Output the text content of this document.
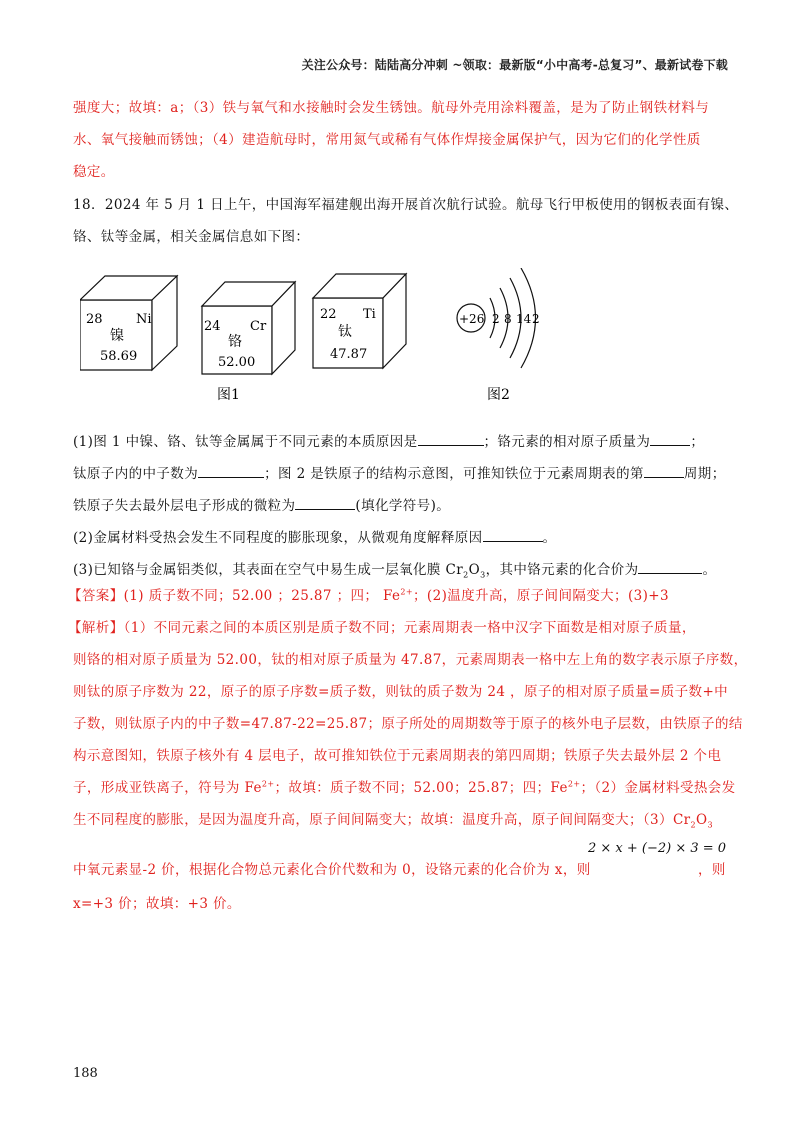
关注公众号：陆陆高分冲刺 ~领取：最新版“小中高考-总复习”、最新试卷下载
强度大；故填：a；（3）铁与氧气和水接触时会发生锈蚀。航母外壳用涂料覆盖，是为了防止钢铁材料与
水、氧气接触而锈蚀；（4）建造航母时，常用氮气或稀有气体作焊接金属保护气，因为它们的化学性质
稳定。
18．2024 年 5 月 1 日上午，中国海军福建舰出海开展首次航行试验。航母飞行甲板使用的钢板表面有镍、
铬、钛等金属，相关金属信息如下图：
28	Ni
镍
58.69
24 Cr
铬
52.00
22 Ti
钛
47.87
图1
+26 2 8 14 2
图2
(1)图 1 中镍、铬、钛等金属属于不同元素的本质原因是	；铬元素的相对原子质量为	；
钛原子内的中子数为	；图 2 是铁原子的结构示意图，可推知铁位于元素周期表的第	周期；
铁原子失去最外层电子形成的微粒为	(填化学符号)。
(2)金属材料受热会发生不同程度的膨胀现象，从微观角度解释原因	。
(3)已知铬与金属铝类似，其表面在空气中易生成一层氧化膜 $Cr_2O_3$，其中铬元素的化合价为	。
【答案】(1) 质子数不同；52.00 ；25.87 ；四； $Fe^{2+}$；(2)温度升高，原子间间隔变大；(3)+3
【解析】（1）不同元素之间的本质区别是质子数不同；元素周期表一格中汉字下面数是相对原子质量，
则铬的相对原子质量为 52.00，钛的相对原子质量为 47.87，元素周期表一格中左上角的数字表示原子序数，
则钛的原子序数为 22，原子的原子序数=质子数，则钛的质子数为 24 ，原子的相对原子质量=质子数+中
子数，则钛原子内的中子数=47.87-22=25.87；原子所处的周期数等于原子的核外电子层数，由铁原子的结
构示意图知，铁原子核外有 4 层电子，故可推知铁位于元素周期表的第四周期；铁原子失去最外层 2 个电
子，形成亚铁离子，符号为 $Fe^{2+}$；故填：质子数不同；52.00；25.87；四；$Fe^{2+}$；（2）金属材料受热会发
生不同程度的膨胀，是因为温度升高，原子间间隔变大；故填：温度升高，原子间间隔变大；$(3)Cr_2O_3$
2 × x + (−2) × 3 = 0
中氧元素显-2 价，根据化合物总元素化合价代数和为 0，设铬元素的化合价为 x，则	，则
x=+3 价；故填：+3 价。
188
